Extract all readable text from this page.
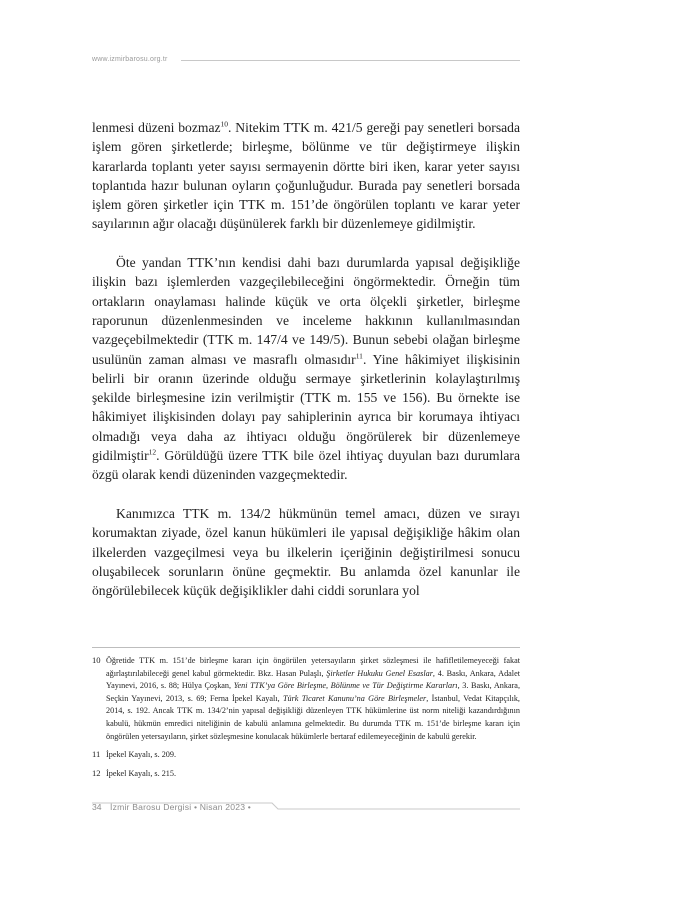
www.izmirbarosu.org.tr

lenmesi düzeni bozmaz$^{10}$. Nitekim TTK m. 421/5 gereği pay senetleri borsada işlem gören şirketlerde; birleşme, bölünme ve tür değiştirmeye ilişkin kararlarda toplantı yeter sayısı sermayenin dörtte biri iken, karar yeter sayısı toplantıda hazır bulunan oyların çoğunluğudur. Burada pay senetleri borsada işlem gören şirketler için TTK m. 151’de öngörülen toplantı ve karar yeter sayılarının ağır olacağı düşünülerek farklı bir düzenlemeye gidilmiştir.

Öte yandan TTK’nın kendisi dahi bazı durumlarda yapısal değişikliğe ilişkin bazı işlemlerden vazgeçilebileceğini öngörmektedir. Örneğin tüm ortakların onaylaması halinde küçük ve orta ölçekli şirketler, birleşme raporunun düzenlenmesinden ve inceleme hakkının kullanılmasından vazgeçebilmektedir (TTK m. 147/4 ve 149/5). Bunun sebebi olağan birleşme usulünün zaman alması ve masraflı olmasıdır$^{11}$. Yine hâkimiyet ilişkisinin belirli bir oranın üzerinde olduğu sermaye şirketlerinin kolaylaştırılmış şekilde birleşmesine izin verilmiştir (TTK m. 155 ve 156). Bu örnekte ise hâkimiyet ilişkisinden dolayı pay sahiplerinin ayrıca bir korumaya ihtiyacı olmadığı veya daha az ihtiyacı olduğu öngörülerek bir düzenlemeye gidilmiştir$^{12}$. Görüldüğü üzere TTK bile özel ihtiyaç duyulan bazı durumlara özgü olarak kendi düzeninden vazgeçmektedir.

Kanımızca TTK m. 134/2 hükmünün temel amacı, düzen ve sırayı korumaktan ziyade, özel kanun hükümleri ile yapısal değişikliğe hâkim olan ilkelerden vazgeçilmesi veya bu ilkelerin içeriğinin değiştirilmesi sonucu oluşabilecek sorunların önüne geçmektir. Bu anlamda özel kanunlar ile öngörülebilecek küçük değişiklikler dahi ciddi sorunlara yol

10 Öğretide TTK m. 151’de birleşme kararı için öngörülen yetersayıların şirket sözleşmesi ile hafifletilemeyeceği fakat ağırlaştırılabileceği genel kabul görmektedir. Bkz. Hasan Pulaşlı, Şirketler Hukuku Genel Esaslar, 4. Baskı, Ankara, Adalet Yayınevi, 2016, s. 88; Hülya Çoşkan, Yeni TTK’ya Göre Birleşme, Bölünme ve Tür Değiştirme Kararları, 3. Baskı, Ankara, Seçkin Yayınevi, 2013, s. 69; Ferna İpekel Kayalı, Türk Ticaret Kanunu’na Göre Birleşmeler, İstanbul, Vedat Kitapçılık, 2014, s. 192. Ancak TTK m. 134/2’nin yapısal değişikliği düzenleyen TTK hükümlerine üst norm niteliği kazandırdığının kabulü, hükmün emredici niteliğinin de kabulü anlamına gelmektedir. Bu durumda TTK m. 151’de birleşme kararı için öngörülen yetersayıların, şirket sözleşmesine konulacak hükümlerle bertaraf edilemeyeceğinin de kabulü gerekir.
11 İpekel Kayalı, s. 209.
12 İpekel Kayalı, s. 215.
34 İzmir Barosu Dergisi • Nisan 2023 •
